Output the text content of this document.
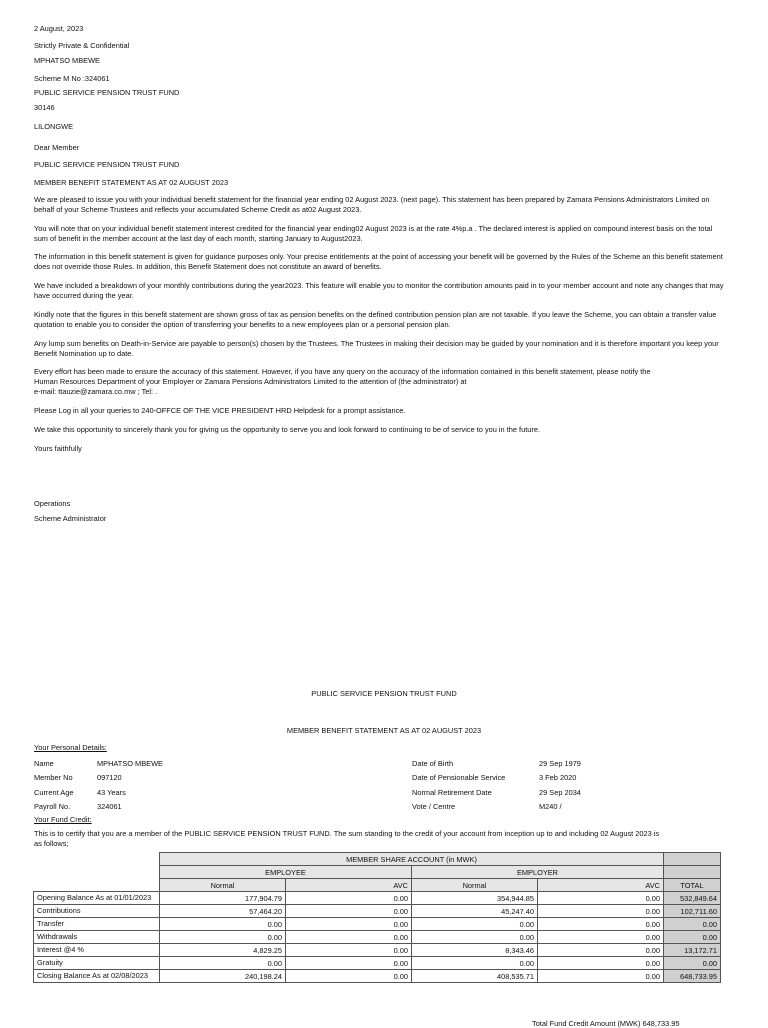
2 August, 2023
Strictly Private & Confidential
MPHATSO MBEWE
Scheme M No :324061
PUBLIC SERVICE PENSION TRUST FUND
30146
LILONGWE
Dear Member
PUBLIC SERVICE PENSION TRUST FUND
MEMBER BENEFIT STATEMENT AS AT 02 AUGUST 2023
We are pleased to issue you with your individual benefit statement for the financial year ending 02 August 2023. (next page). This statement has been prepared by Zamara Pensions Administrators Limited on behalf of your Scheme Trustees and reflects your accumulated Scheme Credit as at02 August 2023.
You will note that on your individual benefit statement interest credited for the financial year ending02 August 2023 is at the rate 4%p.a . The declared interest is applied on compound interest basis on the total sum of benefit in the member account at the last day of each month, starting January to August2023.
The information in this benefit statement is given for guidance purposes only. Your precise entitlements at the point of accessing your benefit will be governed by the Rules of the Scheme an this benefit statement does not override those Rules. In addition, this Benefit Statement does not constitute an award of benefits.
We have included a breakdown of your monthly contributions during the year2023. This feature will enable you to monitor the contribution amounts paid in to your member account and note any changes that may have occurred during the year.
Kindly note that the figures in this benefit statement are shown gross of tax as pension benefits on the defined contribution pension plan are not taxable. If you leave the Scheme, you can obtain a transfer value quotation to enable you to consider the option of transferring your benefits to a new employees plan or a personal pension plan.
Any lump sum benefits on Death-in-Service are payable to person(s) chosen by the Trustees. The Trustees in making their decision may be guided by your nomination and it is therefore important you keep your Benefit Nomination up to date.
Every effort has been made to ensure the accuracy of this statement. However, if you have any query on the accuracy of the information contained in this benefit statement, please notify the
Human Resources Department of your Employer or Zamara Pensions Administrators Limited to the attention of (the administrator) at
e-mail: ttauzie@zamara.co.mw ; Tel: .
Please Log in all your queries to 240-OFFCE OF THE VICE PRESIDENT HRD Helpdesk for a prompt assistance.
We take this opportunity to sincerely thank you for giving us the opportunity to serve you and look forward to continuing to be of service to you in the future.
Yours faithfully
Operations
Scheme Administrator
PUBLIC SERVICE PENSION TRUST FUND
MEMBER BENEFIT STATEMENT AS AT 02 AUGUST 2023
Your Personal Details:
Name	MPHATSO MBEWE
Member No	097120
Current Age	43 Years
Payroll No.	324061
Date of Birth	29 Sep 1979
Date of Pensionable Service	3 Feb 2020
Normal Retirement Date	29 Sep 2034
Vote / Centre	M240 /
Your Fund Credit:
This is to certify that you are a member of the PUBLIC SERVICE PENSION TRUST FUND. The sum standing to the credit of your account from inception up to and including 02 August 2023 is
as follows;
	MEMBER SHARE ACCOUNT (in MWK)				
	EMPLOYEE		EMPLOYER		
	Normal	AVC	Normal	AVC	TOTAL
Opening Balance As at 01/01/2023	177,904.79	0.00	354,944.85	0.00	532,849.64
Contributions	57,464.20	0.00	45,247.40	0.00	102,711.60
Transfer	0.00	0.00	0.00	0.00	0.00
Withdrawals	0.00	0.00	0.00	0.00	0.00
Interest @4 %	4,829.25	0.00	8,343.46	0.00	13,172.71
Gratuity	0.00	0.00	0.00	0.00	0.00
Closing Balance As at 02/08/2023	240,198.24	0.00	408,535.71	0.00	648,733.95
Total Fund Credit Amount (MWK) 648,733.95
